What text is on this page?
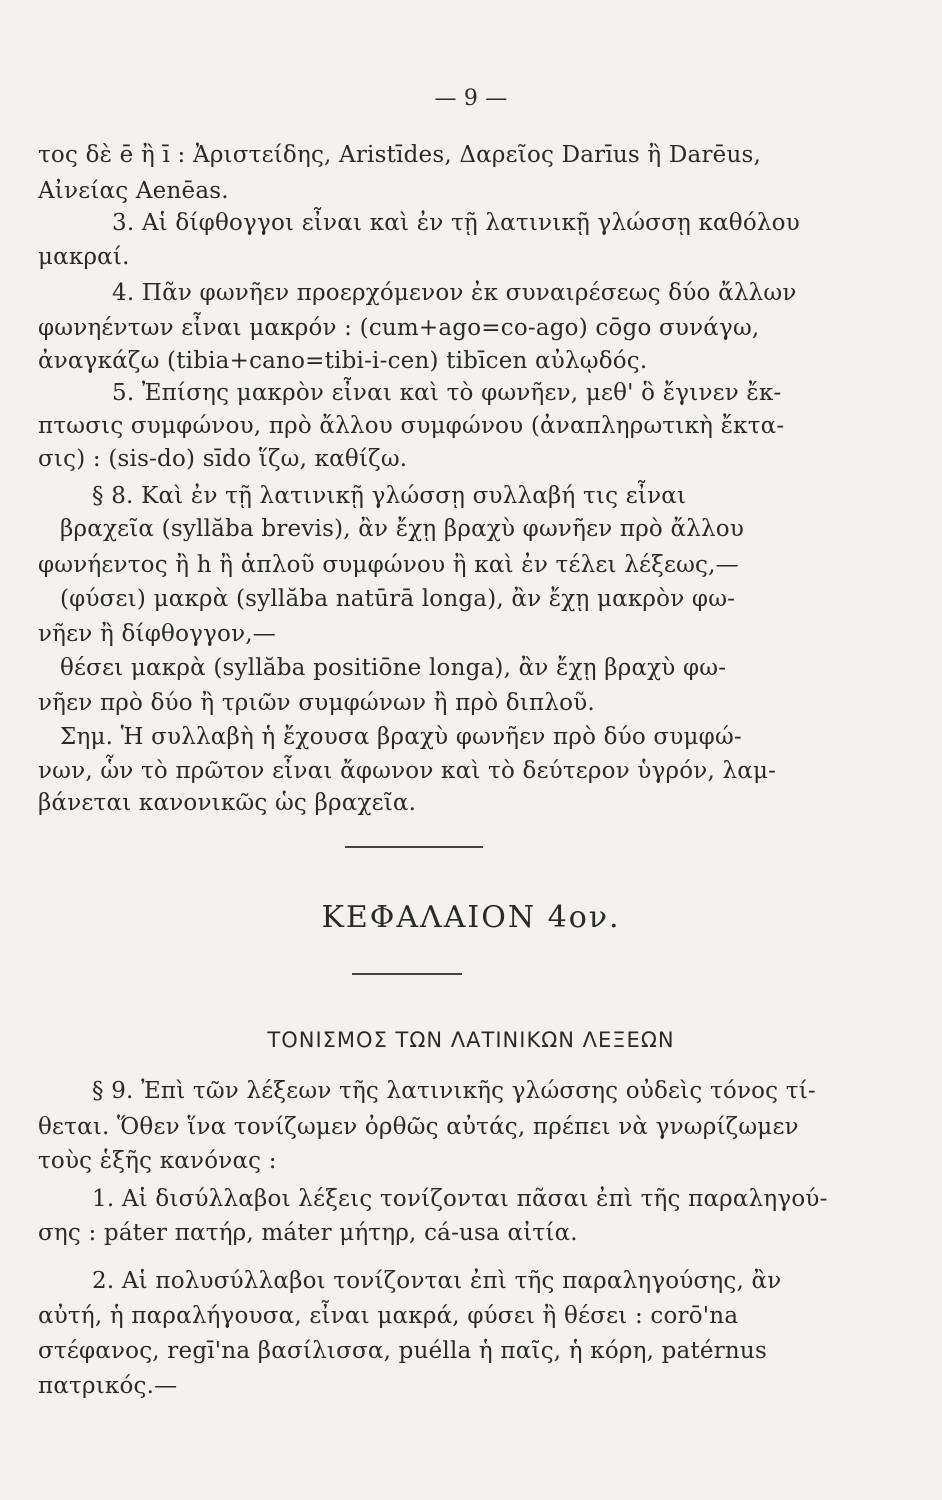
— 9 —
τος δὲ ē ἢ ī : Ἀριστείδης, Aristīdes, Δαρεῖος Darīus ἢ Darēus,
Αἰνείας Aenēas.
3. Αἱ δίφθογγοι εἶναι καὶ ἐν τῇ λατινικῇ γλώσσῃ καθόλου
μακραί.
4. Πᾶν φωνῆεν προερχόμενον ἐκ συναιρέσεως δύο ἄλλων
φωνηέντων εἶναι μακρόν : (cum+ago=co-ago) cōgo συνάγω,
ἀναγκάζω (tibia+cano=tibi-i-cen) tibīcen αὐλῳδός.
5. Ἐπίσης μακρὸν εἶναι καὶ τὸ φωνῆεν, μεθ' ὃ ἔγινεν ἔκ-
πτωσις συμφώνου, πρὸ ἄλλου συμφώνου (ἀναπληρωτικὴ ἔκτα-
σις) : (sis-do) sīdo ἵζω, καθίζω.
§ 8. Καὶ ἐν τῇ λατινικῇ γλώσσῃ συλλαβή τις εἶναι
βραχεῖα (syllăba brevis), ἂν ἔχῃ βραχὺ φωνῆεν πρὸ ἄλλου
φωνήεντος ἢ h ἢ ἁπλοῦ συμφώνου ἢ καὶ ἐν τέλει λέξεως,—
(φύσει) μακρὰ (syllăba natūrā longa), ἂν ἔχῃ μακρὸν φω-
νῆεν ἢ δίφθογγον,—
θέσει μακρὰ (syllăba positiōne longa), ἂν ἔχῃ βραχὺ φω-
νῆεν πρὸ δύο ἢ τριῶν συμφώνων ἢ πρὸ διπλοῦ.
Σημ. Ἡ συλλαβὴ ἡ ἔχουσα βραχὺ φωνῆεν πρὸ δύο συμφώ-
νων, ὧν τὸ πρῶτον εἶναι ἄφωνον καὶ τὸ δεύτερον ὑγρόν, λαμ-
βάνεται κανονικῶς ὡς βραχεῖα.
ΚΕΦΑΛΑΙΟΝ 4ον.
ΤΟΝΙΣΜΟΣ ΤΩΝ ΛΑΤΙΝΙΚΩΝ ΛΕΞΕΩΝ
§ 9. Ἐπὶ τῶν λέξεων τῆς λατινικῆς γλώσσης οὐδεὶς τόνος τί-
θεται. Ὅθεν ἵνα τονίζωμεν ὀρθῶς αὐτάς, πρέπει νὰ γνωρίζωμεν
τοὺς ἑξῆς κανόνας :
1. Αἱ δισύλλαβοι λέξεις τονίζονται πᾶσαι ἐπὶ τῆς παραληγού-
σης : páter πατήρ, máter μήτηρ, cá-usa αἰτία.
2. Αἱ πολυσύλλαβοι τονίζονται ἐπὶ τῆς παραληγούσης, ἂν
αὐτή, ἡ παραλήγουσα, εἶναι μακρά, φύσει ἢ θέσει : corō'na
στέφανος, regī'na βασίλισσα, puélla ἡ παῖς, ἡ κόρη, patérnus
πατρικός.—
